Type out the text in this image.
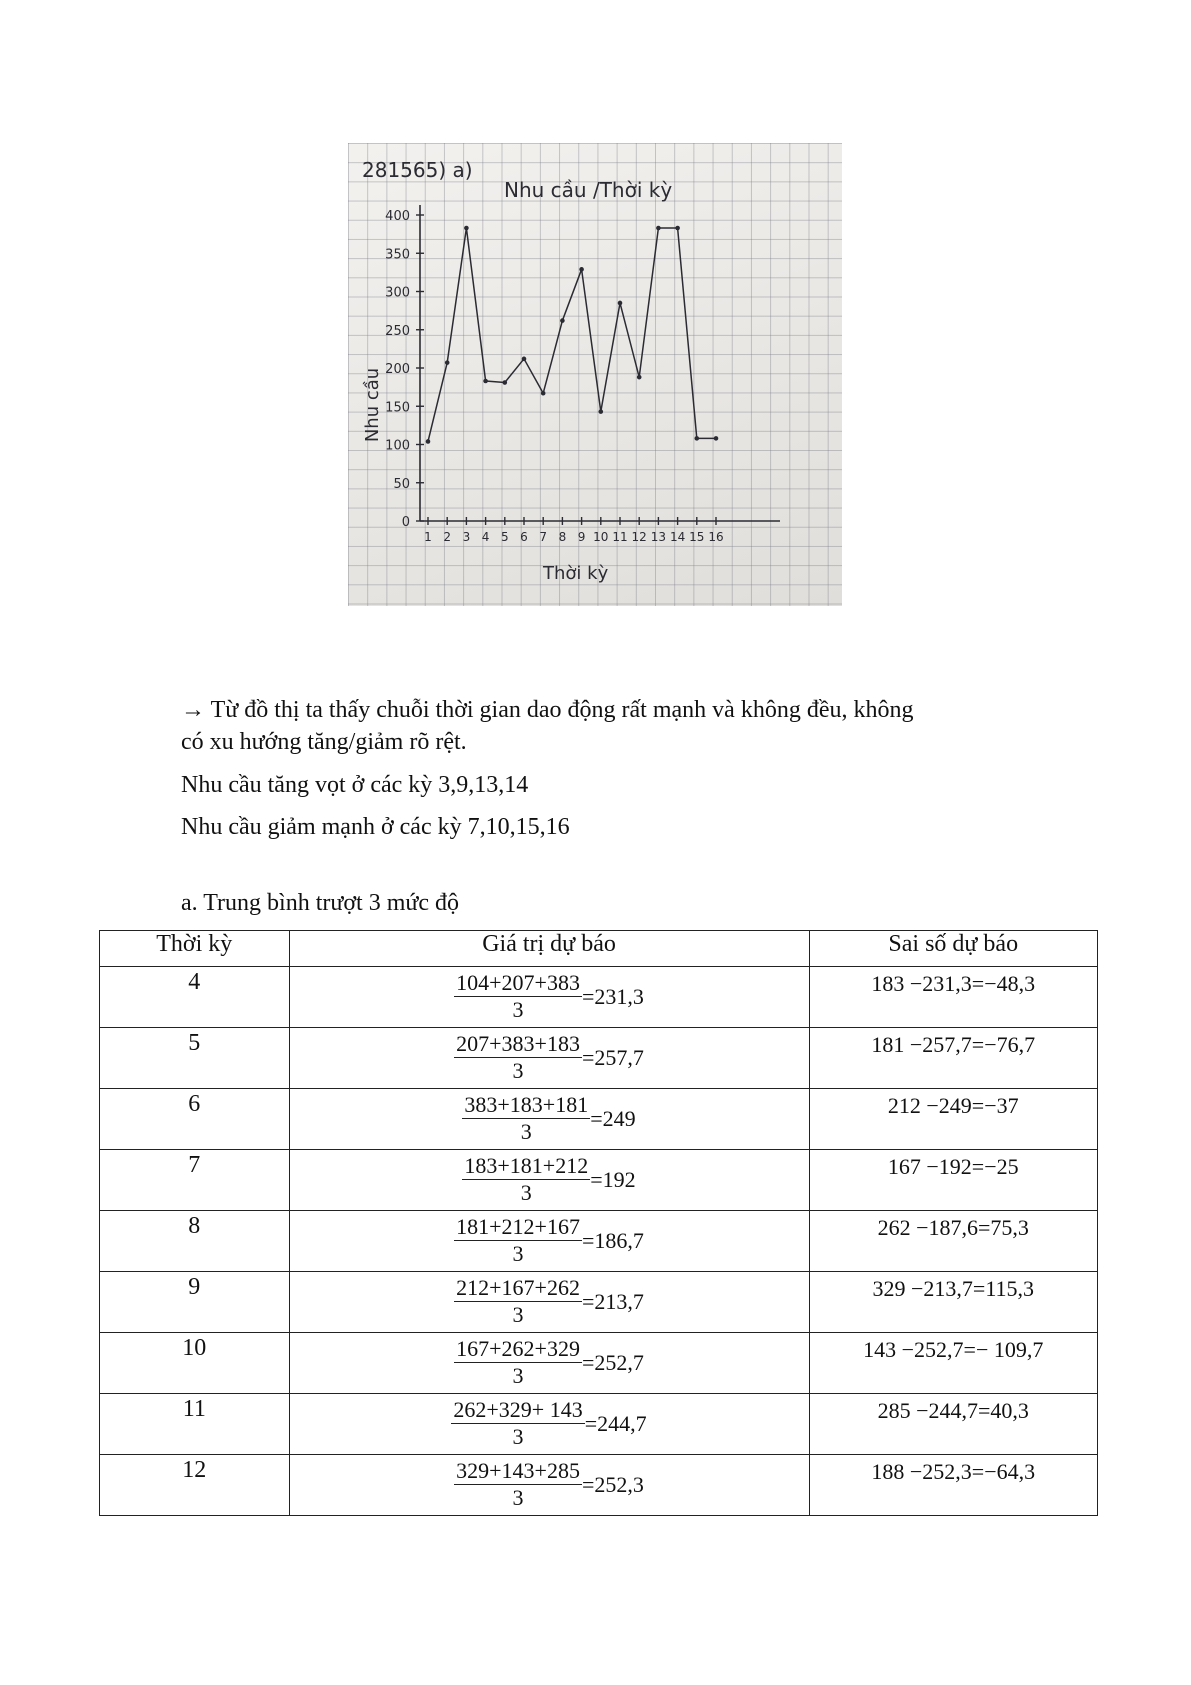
281565) a)
Nhu cầu /Thời kỳ
Thời kỳ
Nhu cầu
0
50
100
150
200
250
300
350
400
1 2 3 4 5 6 7 8 9 10 11 12 13 14 15 16
→ Từ đồ thị ta thấy chuỗi thời gian dao động rất mạnh và không đều, không
có xu hướng tăng/giảm rõ rệt.
Nhu cầu tăng vọt ở các kỳ 3,9,13,14
Nhu cầu giảm mạnh ở các kỳ 7,10,15,16
a. Trung bình trượt 3 mức độ
Thời kỳ	Giá trị dự báo	Sai số dự báo

4	$\frac{104+207+383}{3} =231,3$	183 −231,3=−48,3

5	$\frac{207+383+183}{3} =257,7$	181 −257,7=−76,7

6	$\frac{383+183+181}{3} =249$	212 −249=−37

7	$\frac{183+181+212}{3} =192$	167 −192=−25

8	$\frac{181+212+167}{3} =186,7$	262 −187,6=75,3

9	$\frac{212+167+262}{3} =213,7$	329 −213,7=115,3

10	$\frac{167+262+329}{3} =252,7$	143 −252,7=− 109,7

11	$\frac{262+329+ 143}{3} =244,7$	285 −244,7=40,3

12	$\frac{329+143+285}{3} =252,3$	188 −252,3=−64,3
